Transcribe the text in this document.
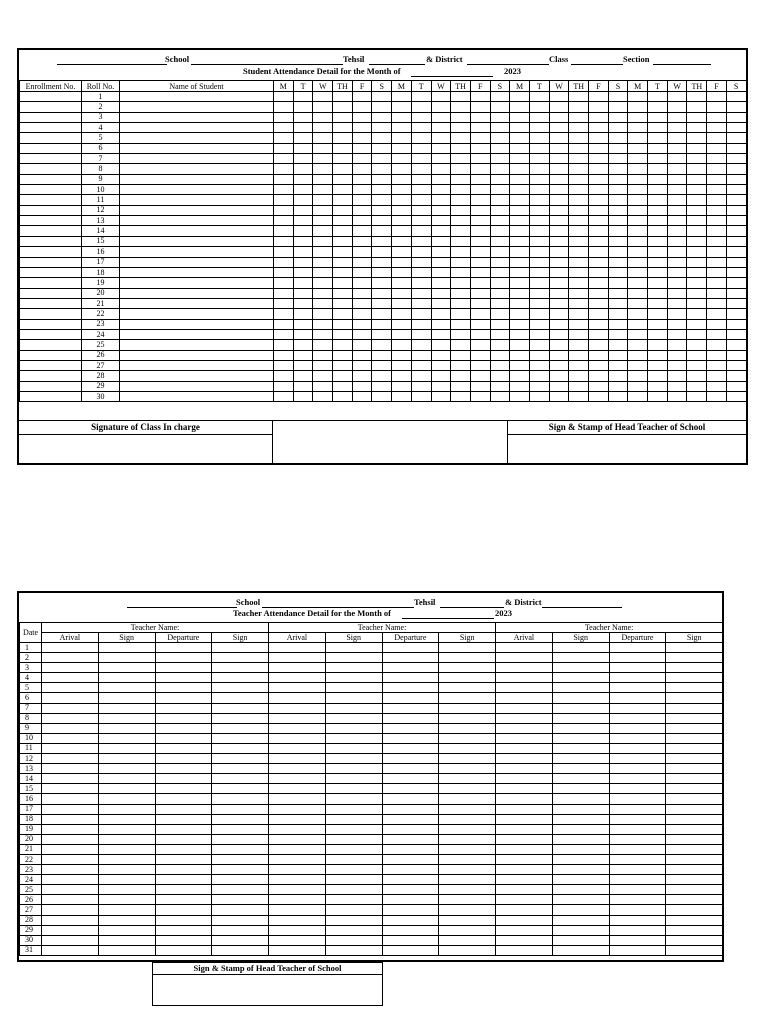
School	Tehsil	& District	Class	Section
Student Attendance Detail for the Month of	2023
Enrollment No.	Roll No.	Name of Student	M	T	W	TH	F	S	M	T	W	TH	F	S	M	T	W	TH	F	S	M	T	W	TH	F	S
	1																									
	2																									
	3																									
	4																									
	5																									
	6																									
	7																									
	8																									
	9																									
	10																									
	11																									
	12																									
	13																									
	14																									
	15																									
	16																									
	17																									
	18																									
	19																									
	20																									
	21																									
	22																									
	23																									
	24																									
	25																									
	26																									
	27																									
	28																									
	29																									
	30																									
Signature of Class In charge	Sign & Stamp of Head Teacher of School
School	Tehsil	& District
Teacher Attendance Detail for the Month of	2023
Date	Teacher Name:				Teacher Name:				Teacher Name:			
	Arival	Sign	Departure	Sign	Arival	Sign	Departure	Sign	Arival	Sign	Departure	Sign
1												
2												
3												
4												
5												
6												
7												
8												
9												
10												
11												
12												
13												
14												
15												
16												
17												
18												
19												
20												
21												
22												
23												
24												
25												
26												
27												
28												
29												
30												
31												
Sign & Stamp of Head Teacher of School
